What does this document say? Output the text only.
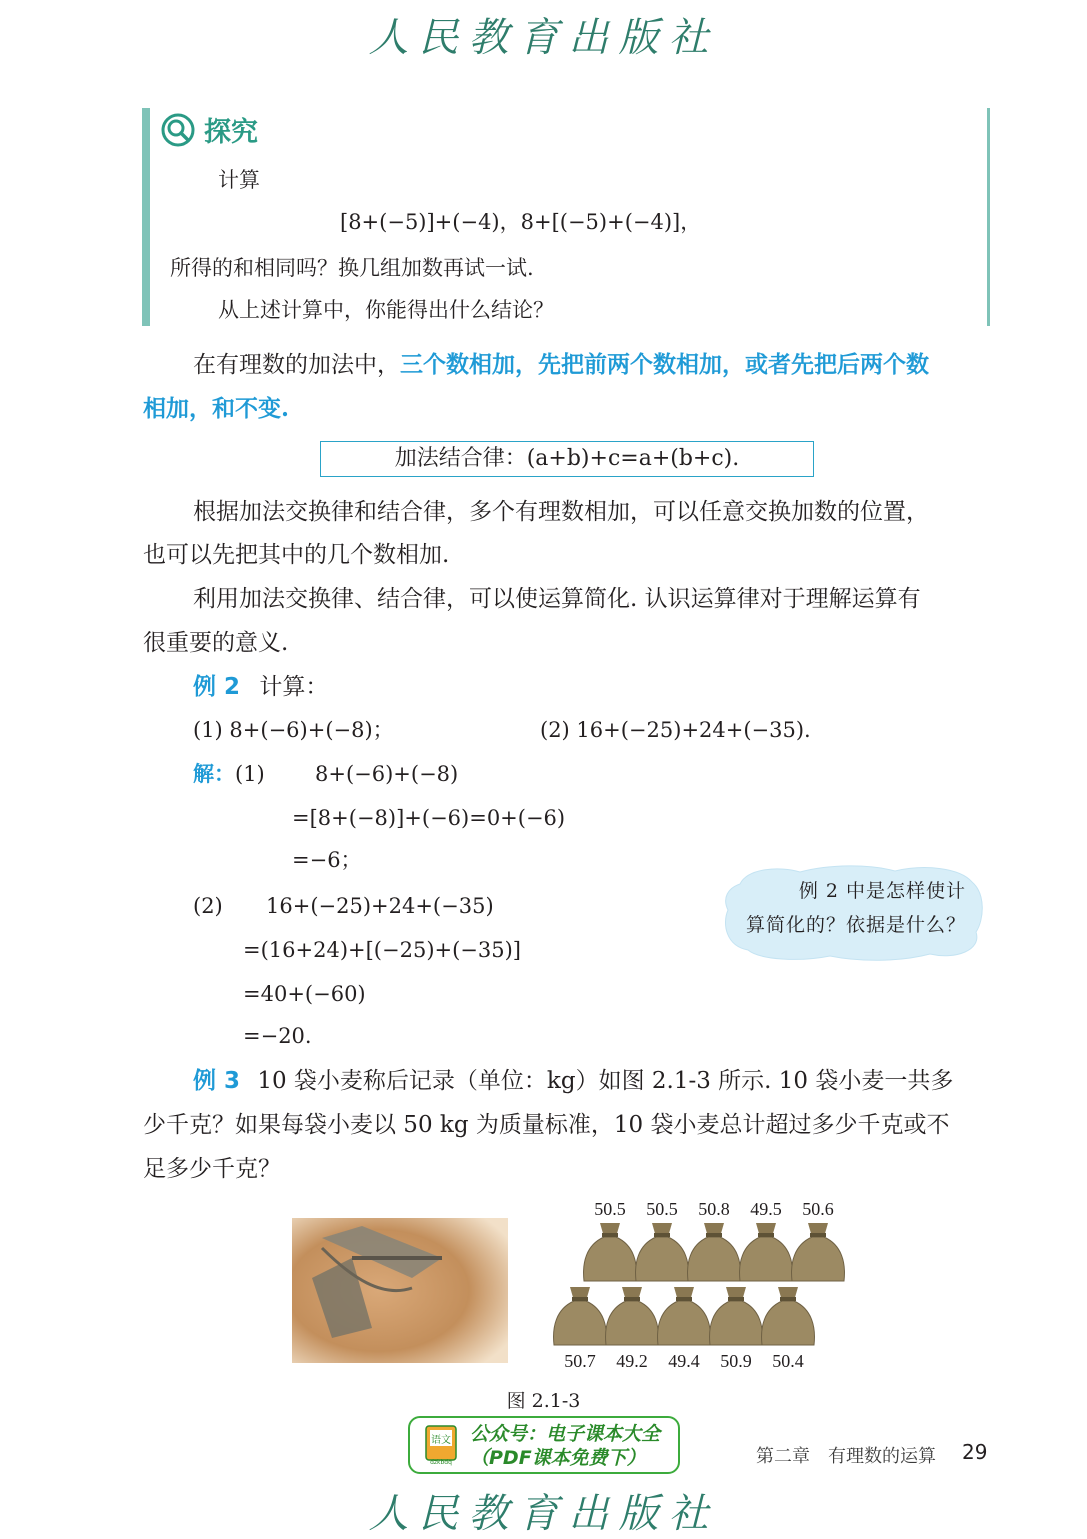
人民教育出版社
探究
计算
[8+(−5)]+(−4)，8+[(−5)+(−4)]，
所得的和相同吗？换几组加数再试一试.
从上述计算中，你能得出什么结论？
在有理数的加法中，三个数相加，先把前两个数相加，或者先把后两个数
相加，和不变.
加法结合律：(a+b)+c=a+(b+c).
根据加法交换律和结合律，多个有理数相加，可以任意交换加数的位置，
也可以先把其中的几个数相加.
利用加法交换律、结合律，可以使运算简化. 认识运算律对于理解运算有
很重要的意义.
例 2 计算：
(1) 8+(−6)+(−8)；	(2) 16+(−25)+24+(−35).
解：(1) 8+(−6)+(−8)
=[8+(−8)]+(−6)=0+(−6)
=−6；
(2) 16+(−25)+24+(−35)
=(16+24)+[(−25)+(−35)]
=40+(−60)
=−20.
例 2 中是怎样使计
算简化的？依据是什么？
例 3 10 袋小麦称后记录（单位：kg）如图 2.1-3 所示. 10 袋小麦一共多
少千克？如果每袋小麦以 50 kg 为质量标准，10 袋小麦总计超过多少千克或不
足多少千克？
50.5 50.5 50.8 49.5 50.6
50.7 49.2 49.4 50.9 50.4
图 2.1-3
语文
dzkbdq
公众号：电子课本大全
（PDF课本免费下）	第二章　有理数的运算 29
人民教育出版社
